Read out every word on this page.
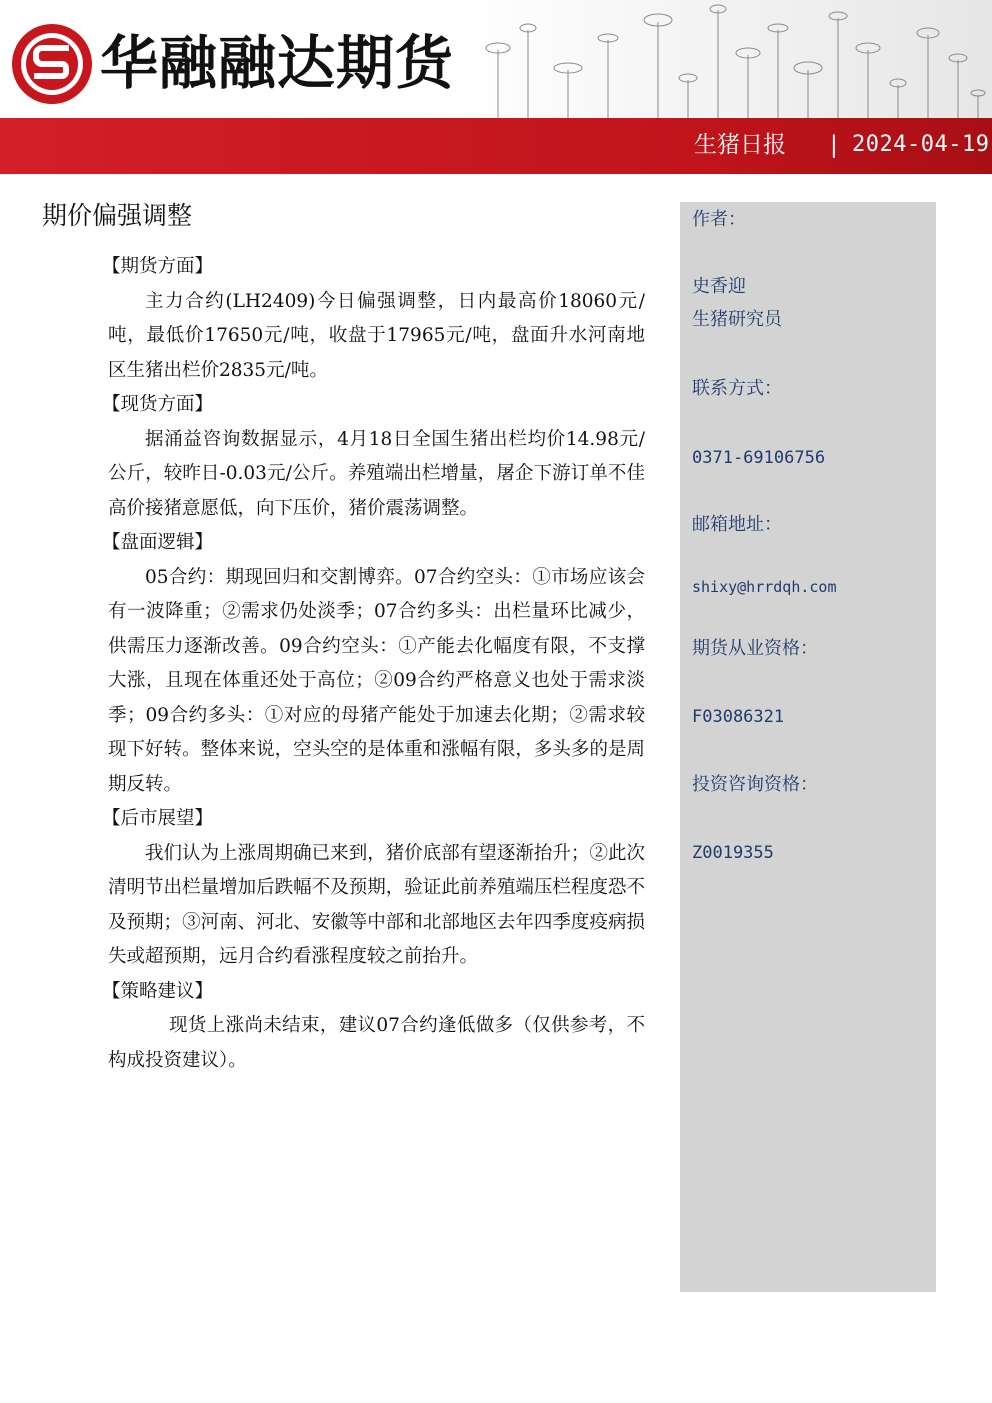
华融融达期货
生猪日报 | 2024-04-19
期价偏强调整
【期货方面】

主力合约(LH2409)今日偏强调整，日内最高价18060元/吨，最低价17650元/吨，收盘于17965元/吨，盘面升水河南地区生猪出栏价2835元/吨。

【现货方面】

据涌益咨询数据显示，4月18日全国生猪出栏均价14.98元/公斤，较昨日-0.03元/公斤。养殖端出栏增量，屠企下游订单不佳高价接猪意愿低，向下压价，猪价震荡调整。

【盘面逻辑】

05合约：期现回归和交割博弈。07合约空头：①市场应该会有一波降重；②需求仍处淡季；07合约多头：出栏量环比减少，供需压力逐渐改善。09合约空头：①产能去化幅度有限，不支撑大涨，且现在体重还处于高位；②09合约严格意义也处于需求淡季；09合约多头：①对应的母猪产能处于加速去化期；②需求较现下好转。整体来说，空头空的是体重和涨幅有限，多头多的是周期反转。

【后市展望】

我们认为上涨周期确已来到，猪价底部有望逐渐抬升；②此次清明节出栏量增加后跌幅不及预期，验证此前养殖端压栏程度恐不及预期；③河南、河北、安徽等中部和北部地区去年四季度疫病损失或超预期，远月合约看涨程度较之前抬升。

【策略建议】

现货上涨尚未结束，建议07合约逢低做多（仅供参考，不构成投资建议）。

作者：
史香迎
生猪研究员
联系方式：
0371-69106756
邮箱地址：
shixy@hrrdqh.com
期货从业资格：
F03086321
投资咨询资格：
Z0019355
